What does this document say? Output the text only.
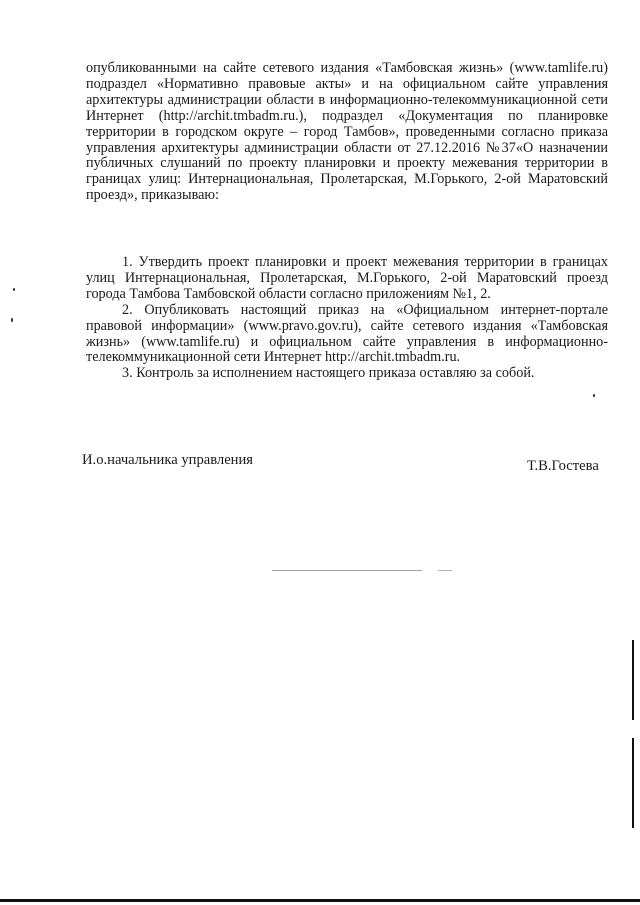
опубликованными на сайте сетевого издания «Тамбовская жизнь» (www.tamlife.ru) подраздел «Нормативно правовые акты» и на официальном сайте управления архитектуры администрации области в информационно-телекоммуникационной сети Интернет (http://archit.tmbadm.ru.), подраздел «Документация по планировке территории в городском округе – город Тамбов», проведенными согласно приказа управления архитектуры администрации области от 27.12.2016 №37«О назначении публичных слушаний по проекту планировки и проекту межевания территории в границах улиц: Интернациональная, Пролетарская, М.Горького, 2-ой Маратовский проезд», приказываю:

1. Утвердить проект планировки и проект межевания территории в границах улиц Интернациональная, Пролетарская, М.Горького, 2-ой Маратовский проезд города Тамбова Тамбовской области согласно приложениям №1, 2.

2. Опубликовать настоящий приказ на «Официальном интернет-портале правовой информации» (www.pravo.gov.ru), сайте сетевого издания «Тамбовская жизнь» (www.tamlife.ru) и официальном сайте управления в информационно-телекоммуникационной сети Интернет http://archit.tmbadm.ru.

3. Контроль за исполнением настоящего приказа оставляю за собой.

И.о.начальника управления	Т.В.Гостева
